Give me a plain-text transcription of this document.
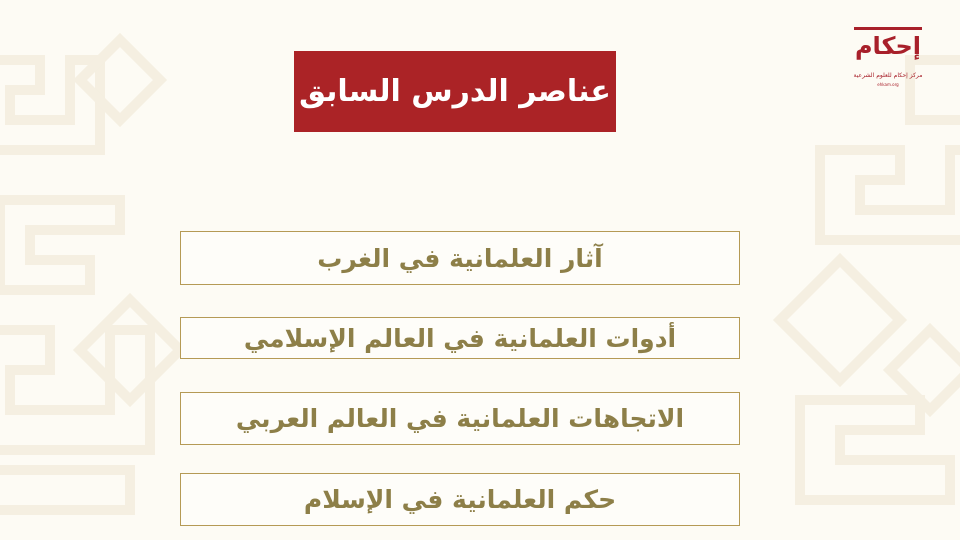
إحكام
مركز إحكام للعلوم الشرعية
ehkam.org
عناصر الدرس السابق
آثار العلمانية في الغرب
أدوات العلمانية في العالم الإسلامي
الاتجاهات العلمانية في العالم العربي
حكم العلمانية في الإسلام
